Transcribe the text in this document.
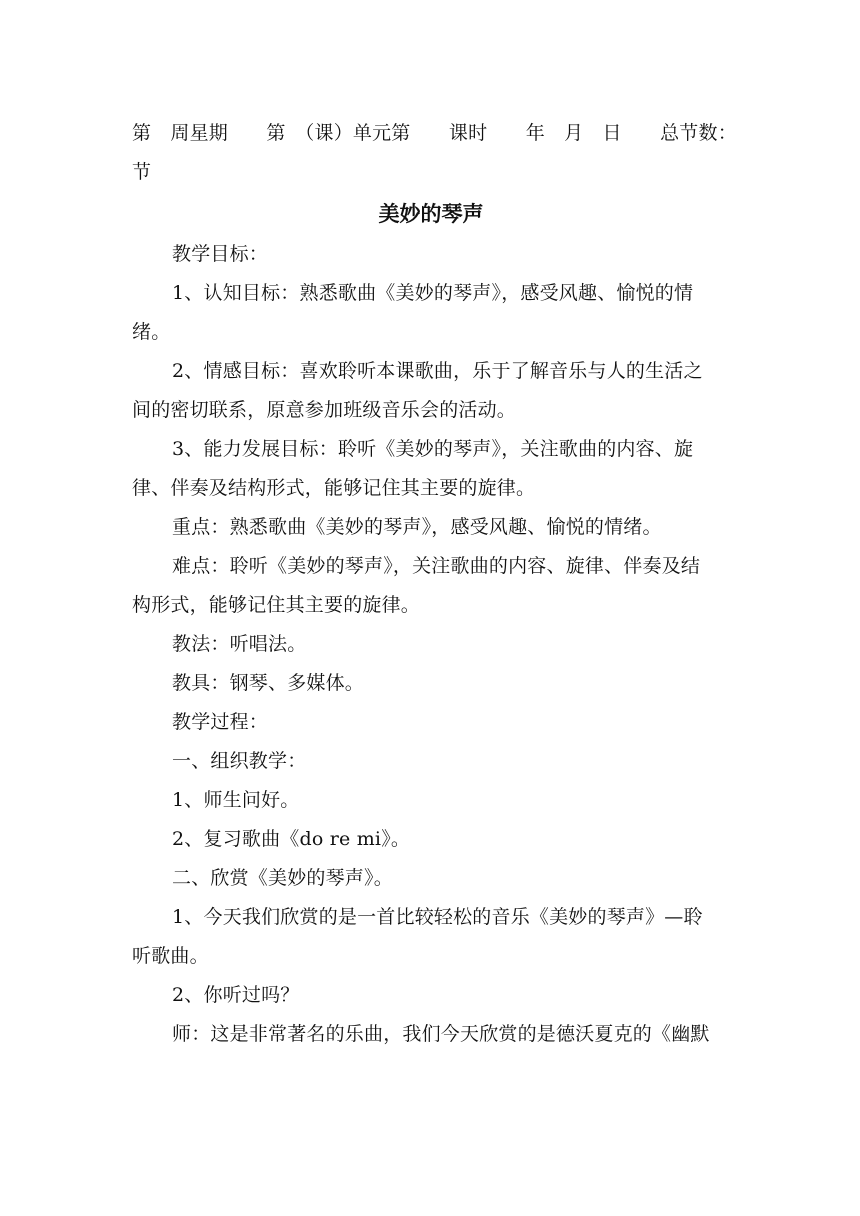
第　周星期　　第　（课）单元第　　课时　　年　月　日　　总节数：

节

美妙的琴声

教学目标：

1、认知目标：熟悉歌曲《美妙的琴声》，感受风趣、愉悦的情

绪。

2、情感目标：喜欢聆听本课歌曲，乐于了解音乐与人的生活之

间的密切联系，原意参加班级音乐会的活动。

3、能力发展目标：聆听《美妙的琴声》，关注歌曲的内容、旋

律、伴奏及结构形式，能够记住其主要的旋律。

重点：熟悉歌曲《美妙的琴声》，感受风趣、愉悦的情绪。

难点：聆听《美妙的琴声》，关注歌曲的内容、旋律、伴奏及结

构形式，能够记住其主要的旋律。

教法：听唱法。

教具：钢琴、多媒体。

教学过程：

一、组织教学：

1、师生问好。

2、复习歌曲《do re mi》。

二、欣赏《美妙的琴声》。

1、今天我们欣赏的是一首比较轻松的音乐《美妙的琴声》—聆

听歌曲。

2、你听过吗？

师：这是非常著名的乐曲，我们今天欣赏的是德沃夏克的《幽默
